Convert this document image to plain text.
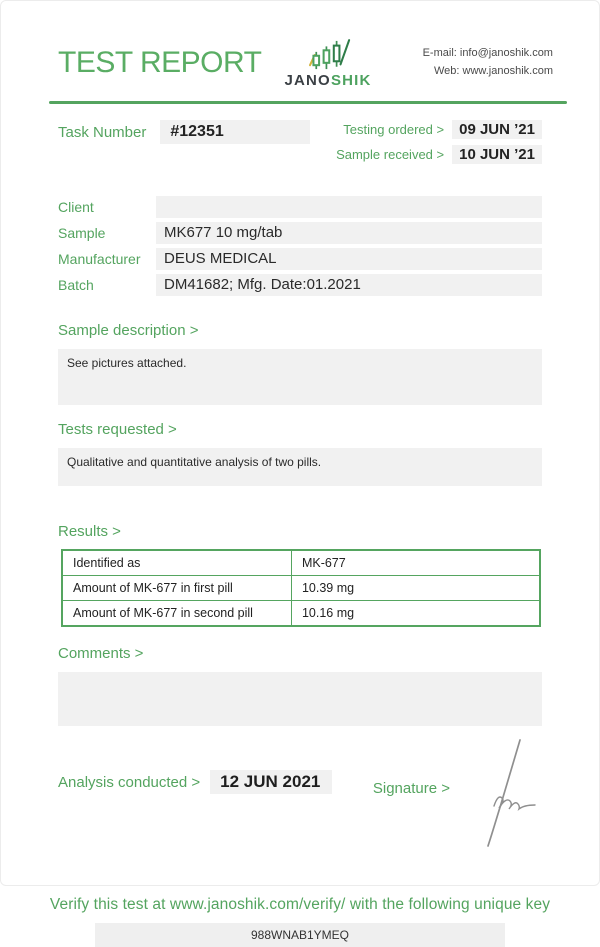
TEST REPORT
JANOSHIK
E-mail: info@janoshik.com
Web: www.janoshik.com
Task Number	#12351	Testing ordered >	09 JUN ’21
Sample received >	10 JUN ’21
Client
Sample	MK677 10 mg/tab
Manufacturer	DEUS MEDICAL
Batch	DM41682; Mfg. Date:01.2021
Sample description >
See pictures attached.
Tests requested >
Qualitative and quantitative analysis of two pills.
Results >
Identified as	MK-677
Amount of MK-677 in first pill	10.39 mg
Amount of MK-677 in second pill	10.16 mg
Comments >
Analysis conducted >	12 JUN 2021	Signature >
Verify this test at www.janoshik.com/verify/ with the following unique key
988WNAB1YMEQ
